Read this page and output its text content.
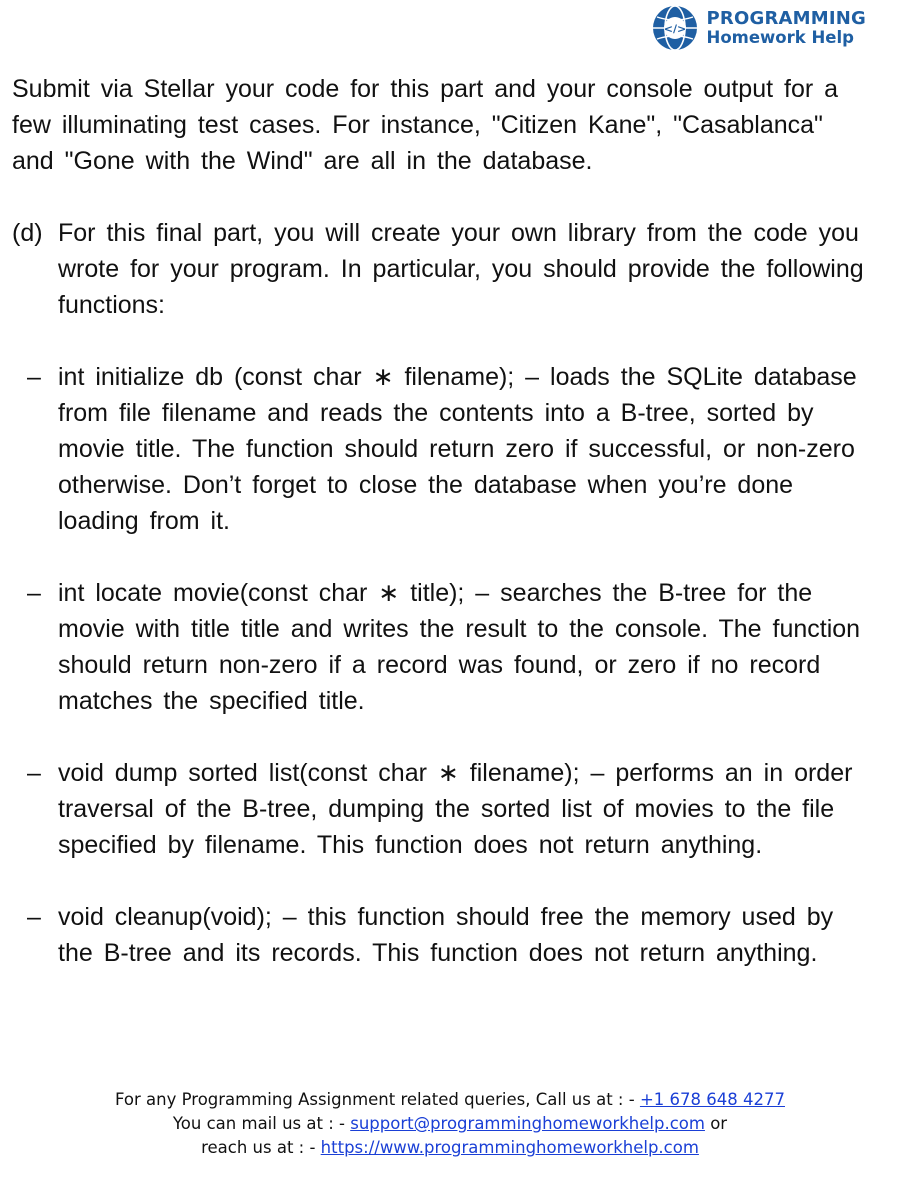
</>
PROGRAMMING
Homework Help

Submit via Stellar your code for this part and your console output for a few illuminating test cases. For instance, "Citizen Kane", "Casablanca" and "Gone with the Wind" are all in the database.

(d) For this final part, you will create your own library from the code you wrote for your program. In particular, you should provide the following functions:

– int initialize db (const char ∗ filename); – loads the SQLite database from file filename and reads the contents into a B-tree, sorted by movie title. The function should return zero if successful, or non-zero otherwise. Don’t forget to close the database when you’re done loading from it.

– int locate movie(const char ∗ title); – searches the B-tree for the movie with title title and writes the result to the console. The function should return non-zero if a record was found, or zero if no record matches the specified title.

– void dump sorted list(const char ∗ filename); – performs an in order traversal of the B-tree, dumping the sorted list of movies to the file specified by filename. This function does not return anything.

– void cleanup(void); – this function should free the memory used by the B-tree and its records. This function does not return anything.

For any Programming Assignment related queries, Call us at : - +1 678 648 4277
You can mail us at : - support@programminghomeworkhelp.com or
reach us at : - https://www.programminghomeworkhelp.com
